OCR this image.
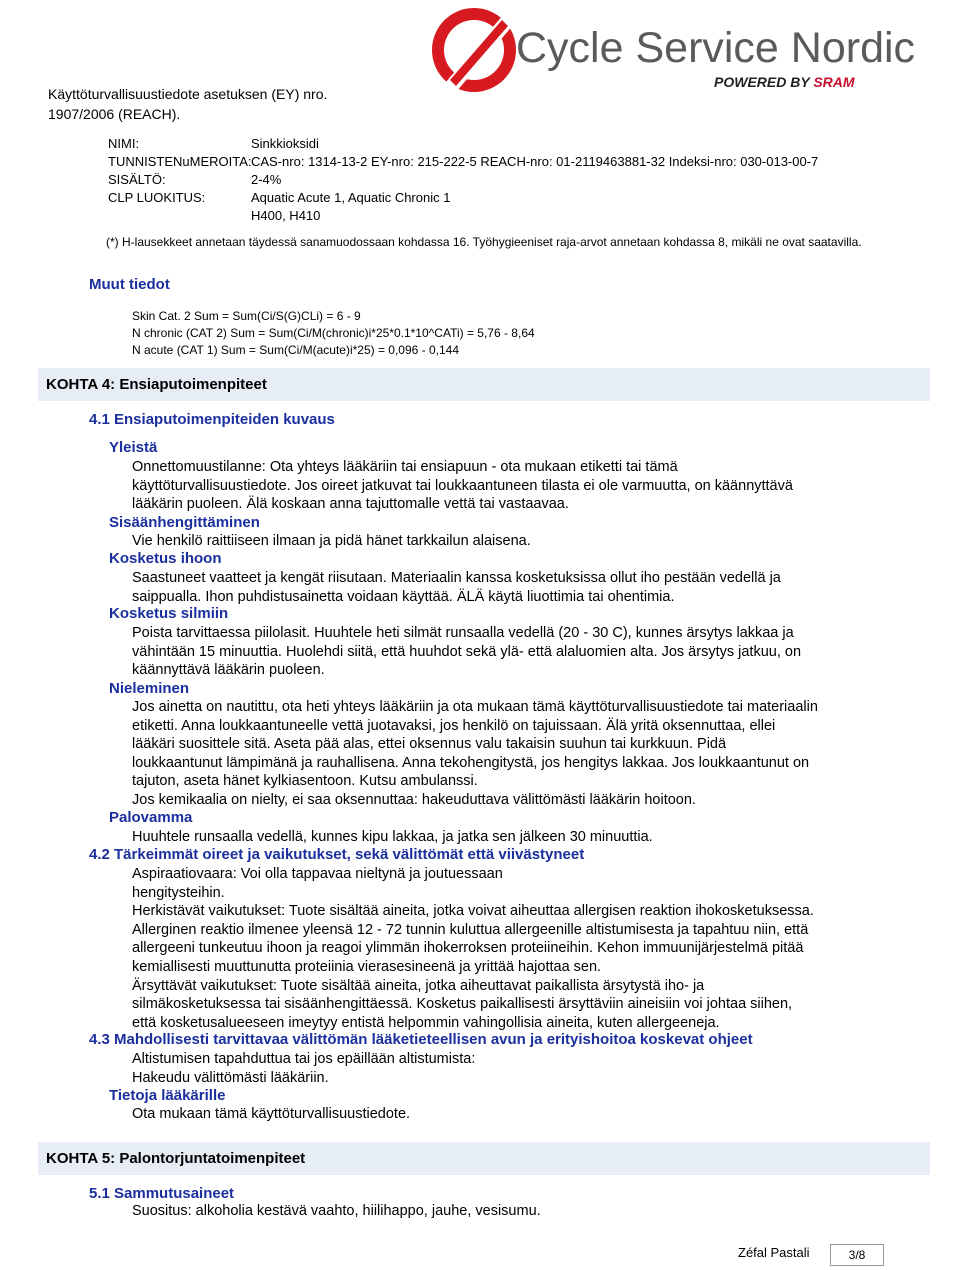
Käyttöturvallisuustiedote asetuksen (EY) nro.
1907/2006 (REACH).
Cycle Service Nordic
POWERED BY SRAM
NIMI:	Sinkkioksidi
TUNNISTENuMEROITA: CAS-nro: 1314-13-2 EY-nro: 215-222-5 REACH-nro: 01-2119463881-32 Indeksi-nro: 030-013-00-7
SISÄLTÖ:	2-4%
CLP LUOKITUS:	Aquatic Acute 1, Aquatic Chronic 1
H400, H410
(*) H-lausekkeet annetaan täydessä sanamuodossaan kohdassa 16. Työhygieeniset raja-arvot annetaan kohdassa 8, mikäli ne ovat saatavilla.
Muut tiedot
Skin Cat. 2 Sum = Sum(Ci/S(G)CLi) = 6 - 9
N chronic (CAT 2) Sum = Sum(Ci/M(chronic)i*25*0.1*10^CATi) = 5,76 - 8,64
N acute (CAT 1) Sum = Sum(Ci/M(acute)i*25) = 0,096 - 0,144
KOHTA 4: Ensiaputoimenpiteet
4.1 Ensiaputoimenpiteiden kuvaus
Yleistä
Onnettomuustilanne: Ota yhteys lääkäriin tai ensiapuun - ota mukaan etiketti tai tämä
käyttöturvallisuustiedote. Jos oireet jatkuvat tai loukkaantuneen tilasta ei ole varmuutta, on käännyttävä
lääkärin puoleen. Älä koskaan anna tajuttomalle vettä tai vastaavaa.
Sisäänhengittäminen
Vie henkilö raittiiseen ilmaan ja pidä hänet tarkkailun alaisena.
Kosketus ihoon
Saastuneet vaatteet ja kengät riisutaan. Materiaalin kanssa kosketuksissa ollut iho pestään vedellä ja
saippualla. Ihon puhdistusainetta voidaan käyttää. ÄLÄ käytä liuottimia tai ohentimia.
Kosketus silmiin
Poista tarvittaessa piilolasit. Huuhtele heti silmät runsaalla vedellä (20 - 30 C), kunnes ärsytys lakkaa ja
vähintään 15 minuuttia. Huolehdi siitä, että huuhdot sekä ylä- että alaluomien alta. Jos ärsytys jatkuu, on
käännyttävä lääkärin puoleen.
Nieleminen
Jos ainetta on nautittu, ota heti yhteys lääkäriin ja ota mukaan tämä käyttöturvallisuustiedote tai materiaalin
etiketti. Anna loukkaantuneelle vettä juotavaksi, jos henkilö on tajuissaan. Älä yritä oksennuttaa, ellei
lääkäri suosittele sitä. Aseta pää alas, ettei oksennus valu takaisin suuhun tai kurkkuun. Pidä
loukkaantunut lämpimänä ja rauhallisena. Anna tekohengitystä, jos hengitys lakkaa. Jos loukkaantunut on
tajuton, aseta hänet kylkiasentoon. Kutsu ambulanssi.
Jos kemikaalia on nielty, ei saa oksennuttaa: hakeuduttava välittömästi lääkärin hoitoon.
Palovamma
Huuhtele runsaalla vedellä, kunnes kipu lakkaa, ja jatka sen jälkeen 30 minuuttia.
4.2 Tärkeimmät oireet ja vaikutukset, sekä välittömät että viivästyneet
Aspiraatiovaara: Voi olla tappavaa nieltynä ja joutuessaan
hengitysteihin.
Herkistävät vaikutukset: Tuote sisältää aineita, jotka voivat aiheuttaa allergisen reaktion ihokosketuksessa.
Allerginen reaktio ilmenee yleensä 12 - 72 tunnin kuluttua allergeenille altistumisesta ja tapahtuu niin, että
allergeeni tunkeutuu ihoon ja reagoi ylimmän ihokerroksen proteiineihin. Kehon immuunijärjestelmä pitää
kemiallisesti muuttunutta proteiinia vierasesineenä ja yrittää hajottaa sen.
Ärsyttävät vaikutukset: Tuote sisältää aineita, jotka aiheuttavat paikallista ärsytystä iho- ja
silmäkosketuksessa tai sisäänhengittäessä. Kosketus paikallisesti ärsyttäviin aineisiin voi johtaa siihen,
että kosketusalueeseen imeytyy entistä helpommin vahingollisia aineita, kuten allergeeneja.
4.3 Mahdollisesti tarvittavaa välittömän lääketieteellisen avun ja erityishoitoa koskevat ohjeet
Altistumisen tapahduttua tai jos epäillään altistumista:
Hakeudu välittömästi lääkäriin.
Tietoja lääkärille
Ota mukaan tämä käyttöturvallisuustiedote.
KOHTA 5: Palontorjuntatoimenpiteet
5.1 Sammutusaineet
Suositus: alkoholia kestävä vaahto, hiilihappo, jauhe, vesisumu.
Zéfal Pastali	3/8
